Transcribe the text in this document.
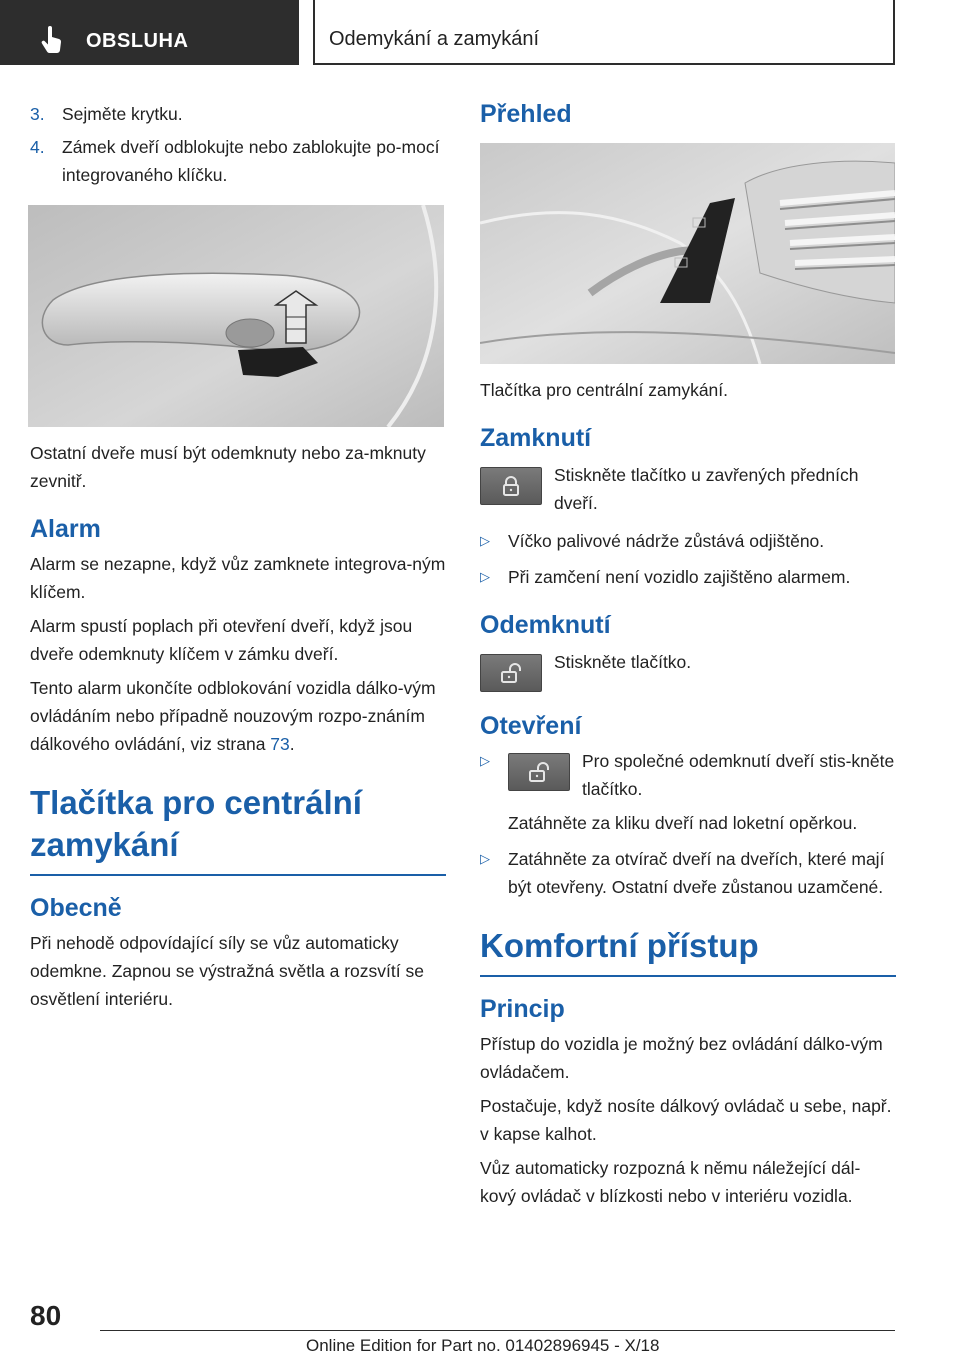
OBSLUHA	Odemykání a zamykání
3. Sejměte krytku.
4. Zámek dveří odblokujte nebo zablokujte po-mocí integrovaného klíčku.

Ostatní dveře musí být odemknuty nebo za-mknuty zevnitř.

Alarm

Alarm se nezapne, když vůz zamknete integrova-ným klíčem.

Alarm spustí poplach při otevření dveří, když jsou dveře odemknuty klíčem v zámku dveří.

Tento alarm ukončíte odblokování vozidla dálko-vým ovládáním nebo případně nouzovým rozpo-znáním dálkového ovládání, viz strana 73.

Tlačítka pro centrální zamykání
Obecně

Při nehodě odpovídající síly se vůz automaticky odemkne. Zapnou se výstražná světla a rozsvítí se osvětlení interiéru.

Přehled

Tlačítka pro centrální zamykání.

Zamknutí
Stiskněte tlačítko u zavřených předních dveří.
▷	Víčko palivové nádrže zůstává odjištěno.
▷	Při zamčení není vozidlo zajištěno alarmem.
Odemknutí
Stiskněte tlačítko.
Otevření
▷	Pro společné odemknutí dveří stis-kněte tlačítko.
Zatáhněte za kliku dveří nad loketní opěrkou.
▷	Zatáhněte za otvírač dveří na dveřích, které mají být otevřeny. Ostatní dveře zůstanou uzamčené.
Komfortní přístup
Princip

Přístup do vozidla je možný bez ovládání dálko-vým ovládačem.

Postačuje, když nosíte dálkový ovládač u sebe, např. v kapse kalhot.

Vůz automaticky rozpozná k němu náležející dál-kový ovládač v blízkosti nebo v interiéru vozidla.

80
Online Edition for Part no. 01402896945 - X/18
